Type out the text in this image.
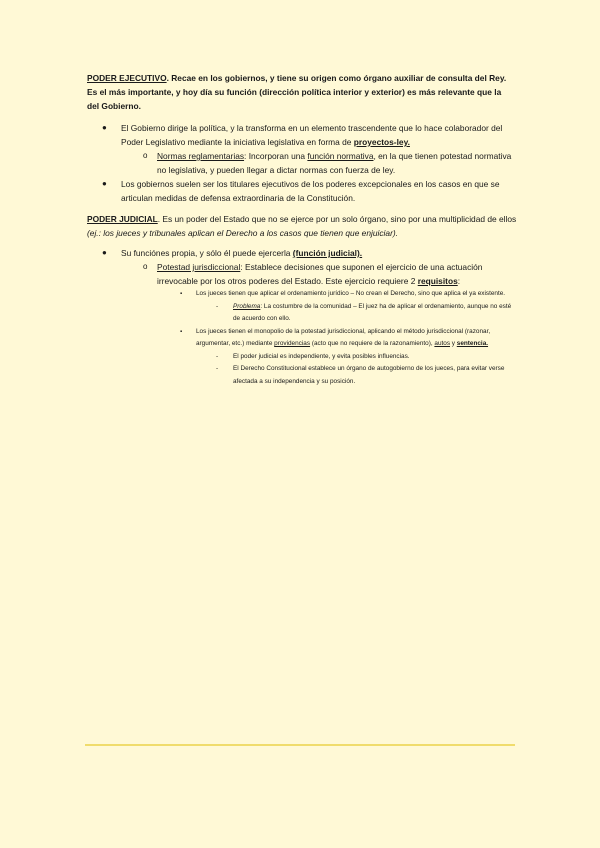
PODER EJECUTIVO. Recae en los gobiernos, y tiene su origen como órgano auxiliar de consulta del Rey. Es el más importante, y hoy día su función (dirección política interior y exterior) es más relevante que la del Gobierno.
● El Gobierno dirige la política, y la transforma en un elemento trascendente que lo hace colaborador del Poder Legislativo mediante la iniciativa legislativa en forma de proyectos-ley.
o Normas reglamentarias: Incorporan una función normativa, en la que tienen potestad normativa no legislativa, y pueden llegar a dictar normas con fuerza de ley.
● Los gobiernos suelen ser los titulares ejecutivos de los poderes excepcionales en los casos en que se articulan medidas de defensa extraordinaria de la Constitución.
PODER JUDICIAL. Es un poder del Estado que no se ejerce por un solo órgano, sino por una multiplicidad de ellos (ej.: los jueces y tribunales aplican el Derecho a los casos que tienen que enjuiciar).
● Su funciónes propia, y sólo él puede ejercerla (función judicial).
o Potestad jurisdiccional: Establece decisiones que suponen el ejercicio de una actuación irrevocable por los otros poderes del Estado. Este ejercicio requiere 2 requisitos:
▪ Los jueces tienen que aplicar el ordenamiento jurídico – No crean el Derecho, sino que aplica el ya existente.
- Problema: La costumbre de la comunidad – El juez ha de aplicar el ordenamiento, aunque no esté de acuerdo con ello.
▪ Los jueces tienen el monopolio de la potestad jurisdiccional, aplicando el método jurisdiccional (razonar, argumentar, etc.) mediante providencias (acto que no requiere de la razonamiento), autos y sentencia.
- El poder judicial es independiente, y evita posibles influencias.
- El Derecho Constitucional establece un órgano de autogobierno de los jueces, para evitar verse afectada a su independencia y su posición.
